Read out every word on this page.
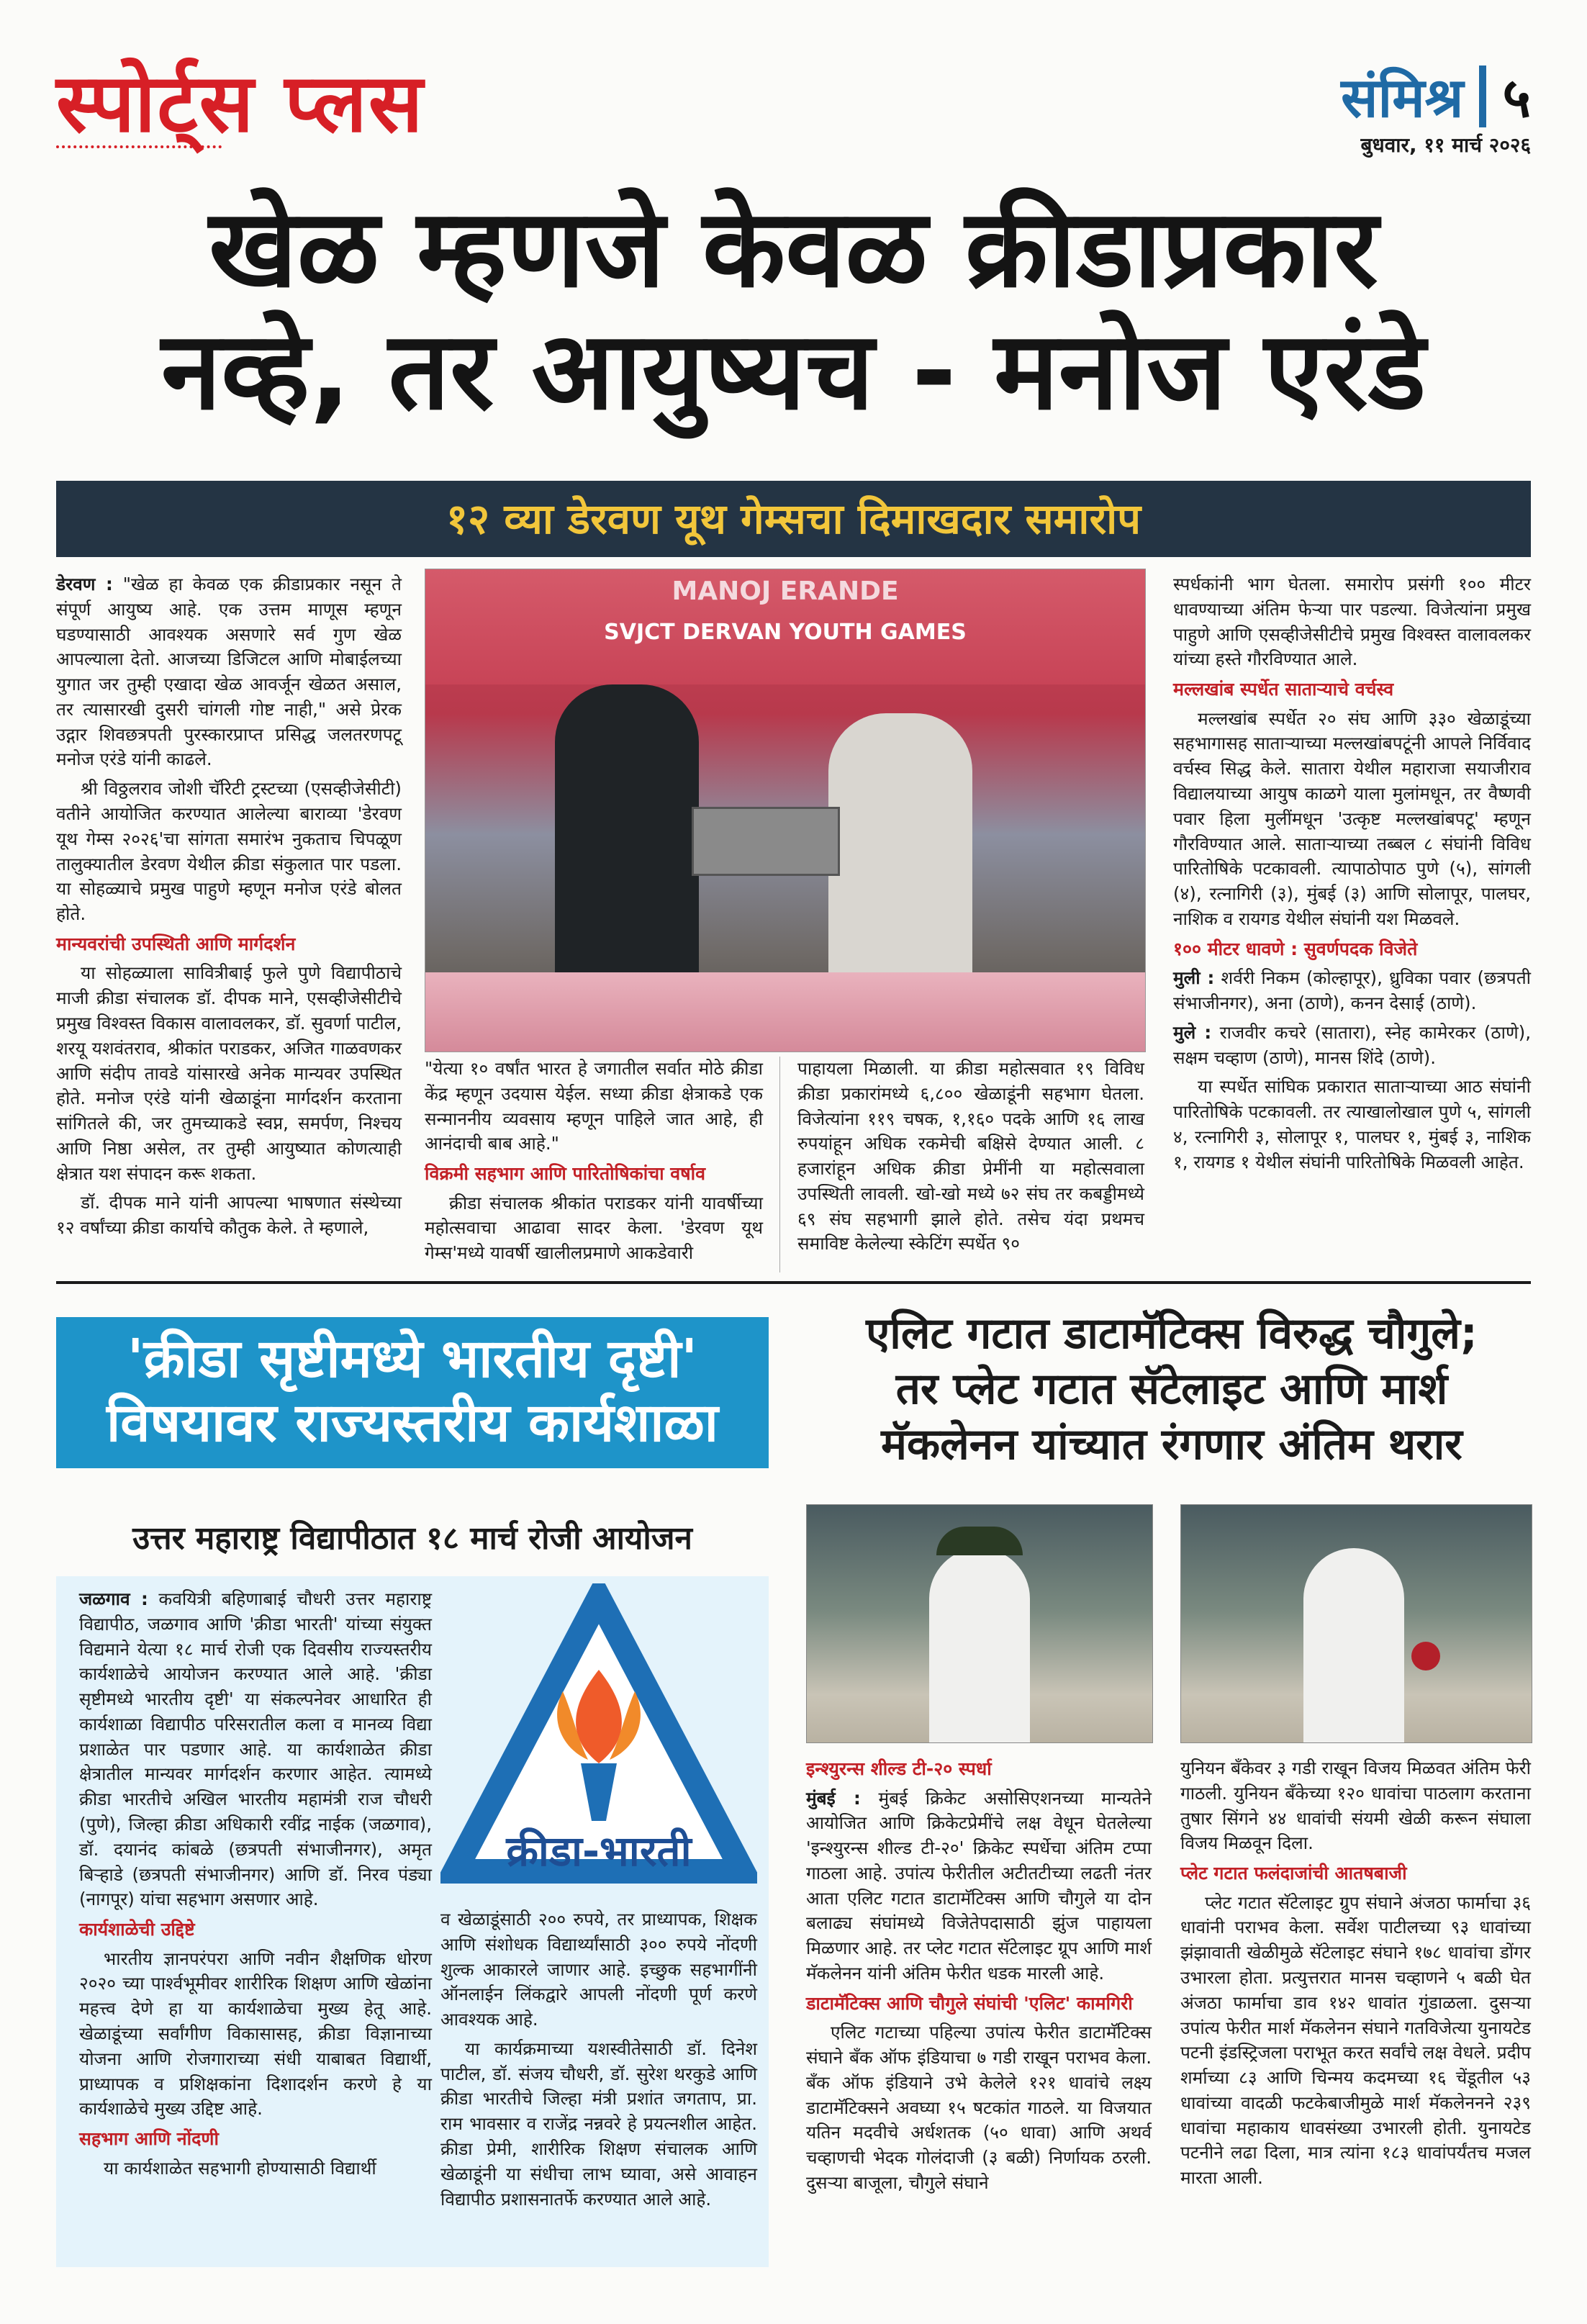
स्पोर्ट्स प्लस	संमिश्र ५
बुधवार, ११ मार्च २०२६
खेळ म्हणजे केवळ क्रीडाप्रकार
नव्हे, तर आयुष्यच - मनोज एरंडे
१२ व्या डेरवण यूथ गेम्सचा दिमाखदार समारोप

डेरवण : "खेळ हा केवळ एक क्रीडाप्रकार नसून ते संपूर्ण आयुष्य आहे. एक उत्तम माणूस म्हणून घडण्यासाठी आवश्यक असणारे सर्व गुण खेळ आपल्याला देतो. आजच्या डिजिटल आणि मोबाईलच्या युगात जर तुम्ही एखादा खेळ आवर्जून खेळत असाल, तर त्यासारखी दुसरी चांगली गोष्ट नाही," असे प्रेरक उद्गार शिवछत्रपती पुरस्कारप्राप्त प्रसिद्ध जलतरणपटू मनोज एरंडे यांनी काढले.

श्री विठ्ठलराव जोशी चॅरिटी ट्रस्टच्या (एसव्हीजेसीटी) वतीने आयोजित करण्यात आलेल्या बाराव्या 'डेरवण यूथ गेम्स २०२६'चा सांगता समारंभ नुकताच चिपळूण तालुक्यातील डेरवण येथील क्रीडा संकुलात पार पडला. या सोहळ्याचे प्रमुख पाहुणे म्हणून मनोज एरंडे बोलत होते.

मान्यवरांची उपस्थिती आणि मार्गदर्शन

या सोहळ्याला सावित्रीबाई फुले पुणे विद्यापीठाचे माजी क्रीडा संचालक डॉ. दीपक माने, एसव्हीजेसीटीचे प्रमुख विश्वस्त विकास वालावलकर, डॉ. सुवर्णा पाटील, शरयू यशवंतराव, श्रीकांत पराडकर, अजित गाळवणकर आणि संदीप तावडे यांसारखे अनेक मान्यवर उपस्थित होते. मनोज एरंडे यांनी खेळाडूंना मार्गदर्शन करताना सांगितले की, जर तुमच्याकडे स्वप्न, समर्पण, निश्चय आणि निष्ठा असेल, तर तुम्ही आयुष्यात कोणत्याही क्षेत्रात यश संपादन करू शकता.

डॉ. दीपक माने यांनी आपल्या भाषणात संस्थेच्या १२ वर्षांच्या क्रीडा कार्याचे कौतुक केले. ते म्हणाले,

MANOJ ERANDE
SVJCT DERVAN YOUTH GAMES

"येत्या १० वर्षांत भारत हे जगातील सर्वात मोठे क्रीडा केंद्र म्हणून उदयास येईल. सध्या क्रीडा क्षेत्राकडे एक सन्माननीय व्यवसाय म्हणून पाहिले जात आहे, ही आनंदाची बाब आहे."

विक्रमी सहभाग आणि पारितोषिकांचा वर्षाव

क्रीडा संचालक श्रीकांत पराडकर यांनी यावर्षीच्या महोत्सवाचा आढावा सादर केला. 'डेरवण यूथ गेम्स'मध्ये यावर्षी खालीलप्रमाणे आकडेवारी

पाहायला मिळाली. या क्रीडा महोत्सवात १९ विविध क्रीडा प्रकारांमध्ये ६,८०० खेळाडूंनी सहभाग घेतला. विजेत्यांना ११९ चषक, १,१६० पदके आणि १६ लाख रुपयांहून अधिक रकमेची बक्षिसे देण्यात आली. ८ हजारांहून अधिक क्रीडा प्रेमींनी या महोत्सवाला उपस्थिती लावली. खो-खो मध्ये ७२ संघ तर कबड्डीमध्ये ६९ संघ सहभागी झाले होते. तसेच यंदा प्रथमच समाविष्ट केलेल्या स्केटिंग स्पर्धेत ९०

स्पर्धकांनी भाग घेतला. समारोप प्रसंगी १०० मीटर धावण्याच्या अंतिम फेऱ्या पार पडल्या. विजेत्यांना प्रमुख पाहुणे आणि एसव्हीजेसीटीचे प्रमुख विश्वस्त वालावलकर यांच्या हस्ते गौरविण्यात आले.

मल्लखांब स्पर्धेत साताऱ्याचे वर्चस्व

मल्लखांब स्पर्धेत २० संघ आणि ३३० खेळाडूंच्या सहभागासह साताऱ्याच्या मल्लखांबपटूंनी आपले निर्विवाद वर्चस्व सिद्ध केले. सातारा येथील महाराजा सयाजीराव विद्यालयाच्या आयुष काळगे याला मुलांमधून, तर वैष्णवी पवार हिला मुलींमधून 'उत्कृष्ट मल्लखांबपटू' म्हणून गौरविण्यात आले. साताऱ्याच्या तब्बल ८ संघांनी विविध पारितोषिके पटकावली. त्यापाठोपाठ पुणे (५), सांगली (४), रत्नागिरी (३), मुंबई (३) आणि सोलापूर, पालघर, नाशिक व रायगड येथील संघांनी यश मिळवले.

१०० मीटर धावणे : सुवर्णपदक विजेते

मुली : शर्वरी निकम (कोल्हापूर), ध्रुविका पवार (छत्रपती संभाजीनगर), अना (ठाणे), कनन देसाई (ठाणे).

मुले : राजवीर कचरे (सातारा), स्नेह कामेरकर (ठाणे), सक्षम चव्हाण (ठाणे), मानस शिंदे (ठाणे).

या स्पर्धेत सांघिक प्रकारात साताऱ्याच्या आठ संघांनी पारितोषिके पटकावली. तर त्याखालोखाल पुणे ५, सांगली ४, रत्नागिरी ३, सोलापूर १, पालघर १, मुंबई ३, नाशिक १, रायगड १ येथील संघांनी पारितोषिके मिळवली आहेत.

'क्रीडा सृष्टीमध्ये भारतीय दृष्टी'
विषयावर राज्यस्तरीय कार्यशाळा
उत्तर महाराष्ट्र विद्यापीठात १८ मार्च रोजी आयोजन
क्रीडा-भारती

जळगाव : कवयित्री बहिणाबाई चौधरी उत्तर महाराष्ट्र विद्यापीठ, जळगाव आणि 'क्रीडा भारती' यांच्या संयुक्त विद्यमाने येत्या १८ मार्च रोजी एक दिवसीय राज्यस्तरीय कार्यशाळेचे आयोजन करण्यात आले आहे. 'क्रीडा सृष्टीमध्ये भारतीय दृष्टी' या संकल्पनेवर आधारित ही कार्यशाळा विद्यापीठ परिसरातील कला व मानव्य विद्या प्रशाळेत पार पडणार आहे. या कार्यशाळेत क्रीडा क्षेत्रातील मान्यवर मार्गदर्शन करणार आहेत. त्यामध्ये क्रीडा भारतीचे अखिल भारतीय महामंत्री राज चौधरी (पुणे), जिल्हा क्रीडा अधिकारी रवींद्र नाईक (जळगाव), डॉ. दयानंद कांबळे (छत्रपती संभाजीनगर), अमृत बिऱ्हाडे (छत्रपती संभाजीनगर) आणि डॉ. निरव पंड्या (नागपूर) यांचा सहभाग असणार आहे.

कार्यशाळेची उद्दिष्टे

भारतीय ज्ञानपरंपरा आणि नवीन शैक्षणिक धोरण २०२० च्या पार्श्वभूमीवर शारीरिक शिक्षण आणि खेळांना महत्त्व देणे हा या कार्यशाळेचा मुख्य हेतू आहे. खेळाडूंच्या सर्वांगीण विकासासह, क्रीडा विज्ञानाच्या योजना आणि रोजगाराच्या संधी याबाबत विद्यार्थी, प्राध्यापक व प्रशिक्षकांना दिशादर्शन करणे हे या कार्यशाळेचे मुख्य उद्दिष्ट आहे.

सहभाग आणि नोंदणी

या कार्यशाळेत सहभागी होण्यासाठी विद्यार्थी

व खेळाडूंसाठी २०० रुपये, तर प्राध्यापक, शिक्षक आणि संशोधक विद्यार्थ्यांसाठी ३०० रुपये नोंदणी शुल्क आकारले जाणार आहे. इच्छुक सहभागींनी ऑनलाईन लिंकद्वारे आपली नोंदणी पूर्ण करणे आवश्यक आहे.

या कार्यक्रमाच्या यशस्वीतेसाठी डॉ. दिनेश पाटील, डॉ. संजय चौधरी, डॉ. सुरेश थरकुडे आणि क्रीडा भारतीचे जिल्हा मंत्री प्रशांत जगताप, प्रा. राम भावसार व राजेंद्र नन्नवरे हे प्रयत्नशील आहेत. क्रीडा प्रेमी, शारीरिक शिक्षण संचालक आणि खेळाडूंनी या संधीचा लाभ घ्यावा, असे आवाहन विद्यापीठ प्रशासनातर्फे करण्यात आले आहे.

एलिट गटात डाटामॅटिक्स विरुद्ध चौगुले;
तर प्लेट गटात सॅटेलाइट आणि मार्श
मॅकलेनन यांच्यात रंगणार अंतिम थरार

इन्श्युरन्स शील्ड टी-२० स्पर्धा

मुंबई : मुंबई क्रिकेट असोसिएशनच्या मान्यतेने आयोजित आणि क्रिकेटप्रेमींचे लक्ष वेधून घेतलेल्या 'इन्श्युरन्स शील्ड टी-२०' क्रिकेट स्पर्धेचा अंतिम टप्पा गाठला आहे. उपांत्य फेरीतील अटीतटीच्या लढती नंतर आता एलिट गटात डाटामॅटिक्स आणि चौगुले या दोन बलाढ्य संघांमध्ये विजेतेपदासाठी झुंज पाहायला मिळणार आहे. तर प्लेट गटात सॅटेलाइट ग्रूप आणि मार्श मॅकलेनन यांनी अंतिम फेरीत धडक मारली आहे.

डाटामॅटिक्स आणि चौगुले संघांची 'एलिट' कामगिरी

एलिट गटाच्या पहिल्या उपांत्य फेरीत डाटामॅटिक्स संघाने बँक ऑफ इंडियाचा ७ गडी राखून पराभव केला. बँक ऑफ इंडियाने उभे केलेले १२१ धावांचे लक्ष्य डाटामॅटिक्सने अवघ्या १५ षटकांत गाठले. या विजयात यतिन मदवीचे अर्धशतक (५० धावा) आणि अथर्व चव्हाणची भेदक गोलंदाजी (३ बळी) निर्णायक ठरली. दुसऱ्या बाजूला, चौगुले संघाने

युनियन बँकेवर ३ गडी राखून विजय मिळवत अंतिम फेरी गाठली. युनियन बँकेच्या १२० धावांचा पाठलाग करताना तुषार सिंगने ४४ धावांची संयमी खेळी करून संघाला विजय मिळवून दिला.

प्लेट गटात फलंदाजांची आतषबाजी

प्लेट गटात सॅटेलाइट ग्रुप संघाने अंजठा फार्माचा ३६ धावांनी पराभव केला. सर्वेश पाटीलच्या ९३ धावांच्या झंझावाती खेळीमुळे सॅटेलाइट संघाने १७८ धावांचा डोंगर उभारला होता. प्रत्युत्तरात मानस चव्हाणने ५ बळी घेत अंजठा फार्माचा डाव १४२ धावांत गुंडाळला. दुसऱ्या उपांत्य फेरीत मार्श मॅकलेनन संघाने गतविजेत्या युनायटेड पटनी इंडस्ट्रिजला पराभूत करत सर्वांचे लक्ष वेधले. प्रदीप शर्माच्या ८३ आणि चिन्मय कदमच्या १६ चेंडूतील ५३ धावांच्या वादळी फटकेबाजीमुळे मार्श मॅकलेननने २३९ धावांचा महाकाय धावसंख्या उभारली होती. युनायटेड पटनीने लढा दिला, मात्र त्यांना १८३ धावांपर्यंतच मजल मारता आली.
